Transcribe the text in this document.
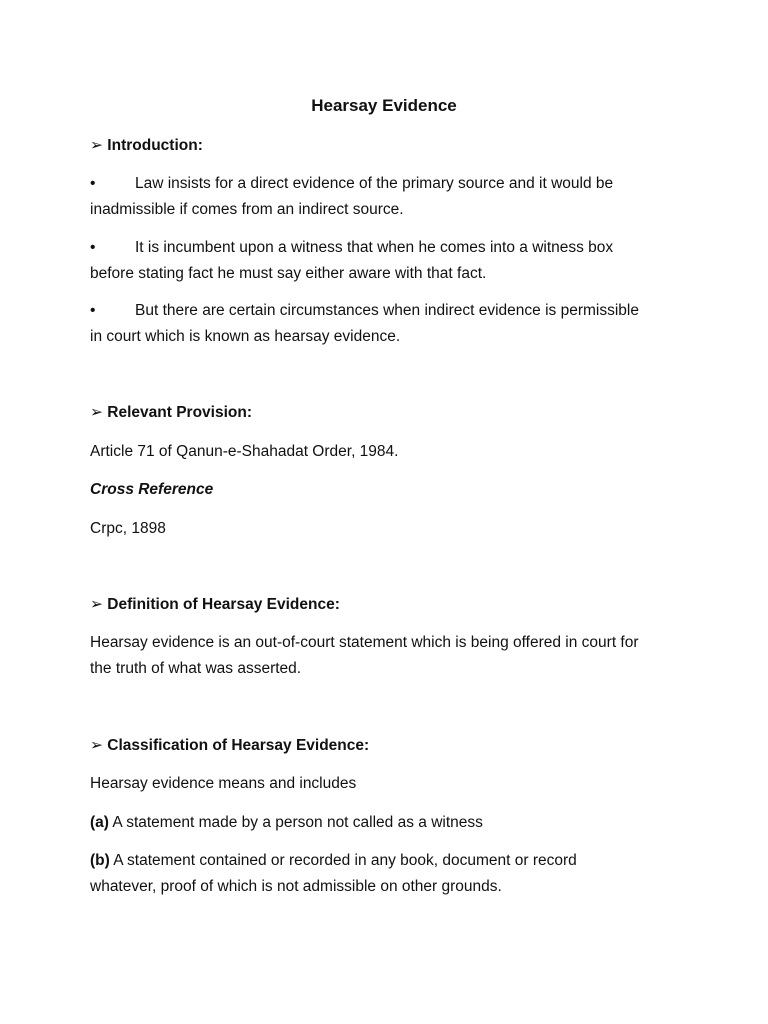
Hearsay Evidence
➢ Introduction:
•	Law insists for a direct evidence of the primary source and it would be
inadmissible if comes from an indirect source.
•	It is incumbent upon a witness that when he comes into a witness box
before stating fact he must say either aware with that fact.
•	But there are certain circumstances when indirect evidence is permissible
in court which is known as hearsay evidence.
➢ Relevant Provision:
Article 71 of Qanun-e-Shahadat Order, 1984.
Cross Reference
Crpc, 1898
➢ Definition of Hearsay Evidence:
Hearsay evidence is an out-of-court statement which is being offered in court for
the truth of what was asserted.
➢ Classification of Hearsay Evidence:
Hearsay evidence means and includes
(a) A statement made by a person not called as a witness
(b) A statement contained or recorded in any book, document or record
whatever, proof of which is not admissible on other grounds.
